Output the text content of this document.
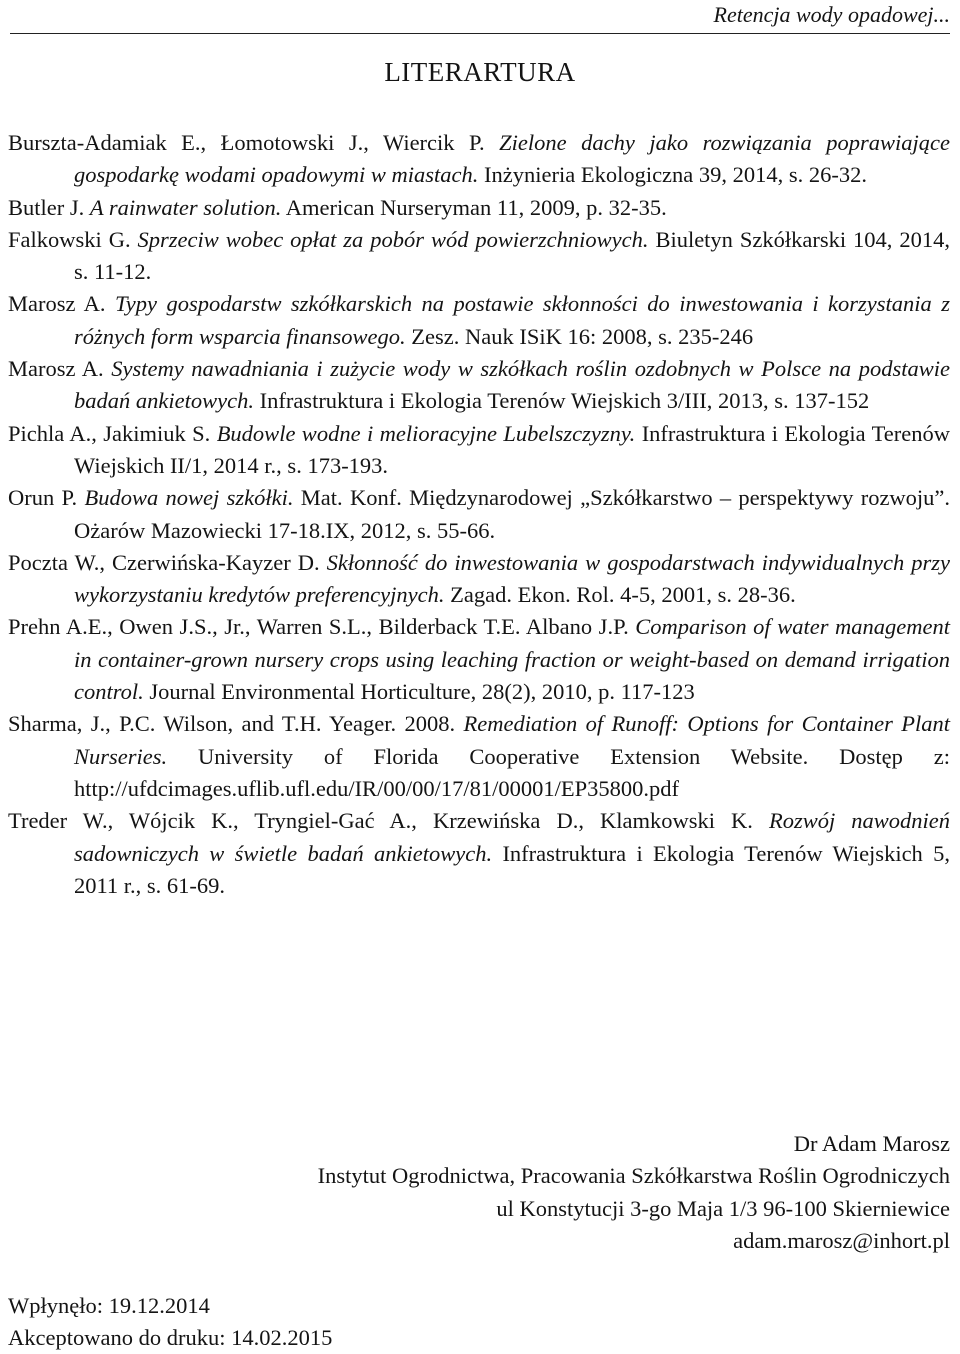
Retencja wody opadowej...
LITERARTURA
Bursztа-Adamiak E., Łomotowski J., Wiercik P. Zielone dachy jako rozwiązania poprawiające gospodarkę wodami opadowymi w miastach. Inżynieria Ekologiczna 39, 2014, s. 26-32.
Butler J. A rainwater solution. American Nurseryman 11, 2009, p. 32-35.
Falkowski G. Sprzeciw wobec opłat za pobór wód powierzchniowych. Biuletyn Szkółkarski 104, 2014, s. 11-12.
Marosz A. Typy gospodarstw szkółkarskich na postawie skłonności do inwestowania i korzystania z różnych form wsparcia finansowego. Zesz. Nauk ISiK 16: 2008, s. 235-246
Marosz A. Systemy nawadniania i zużycie wody w szkółkach roślin ozdobnych w Polsce na podstawie badań ankietowych. Infrastruktura i Ekologia Terenów Wiejskich 3/III, 2013, s. 137-152
Pichla A., Jakimiuk S. Budowle wodne i melioracyjne Lubelszczyzny. Infrastruktura i Ekologia Terenów Wiejskich II/1, 2014 r., s. 173-193.
Orun P. Budowa nowej szkółki. Mat. Konf. Międzynarodowej „Szkółkarstwo – perspektywy rozwoju”. Ożarów Mazowiecki 17-18.IX, 2012, s. 55-66.
Poczta W., Czerwińska-Kayzer D. Skłonność do inwestowania w gospodarstwach indywidualnych przy wykorzystaniu kredytów preferencyjnych. Zagad. Ekon. Rol. 4-5, 2001, s. 28-36.
Prehn A.E., Owen J.S., Jr., Warren S.L., Bilderback T.E. Albano J.P. Comparison of water management in container-grown nursery crops using leaching fraction or weight-based on demand irrigation control. Journal Environmental Horticulture, 28(2), 2010, p. 117-123
Sharma, J., P.C. Wilson, and T.H. Yeager. 2008. Remediation of Runoff: Options for Container Plant Nurseries. University of Florida Cooperative Extension Website. Dostęp z: http://ufdcimages.uflib.ufl.edu/IR/00/00/17/81/00001/EP35800.pdf
Treder W., Wójcik K., Tryngiel-Gać A., Krzewińska D., Klamkowski K. Rozwój nawodnień sadowniczych w świetle badań ankietowych. Infrastruktura i Ekologia Terenów Wiejskich 5, 2011 r., s. 61-69.
Dr Adam Marosz
Instytut Ogrodnictwa, Pracowania Szkółkarstwa Roślin Ogrodniczych
ul Konstytucji 3-go Maja 1/3 96-100 Skierniewice
adam.marosz@inhort.pl
Wpłynęło: 19.12.2014
Akceptowano do druku: 14.02.2015
